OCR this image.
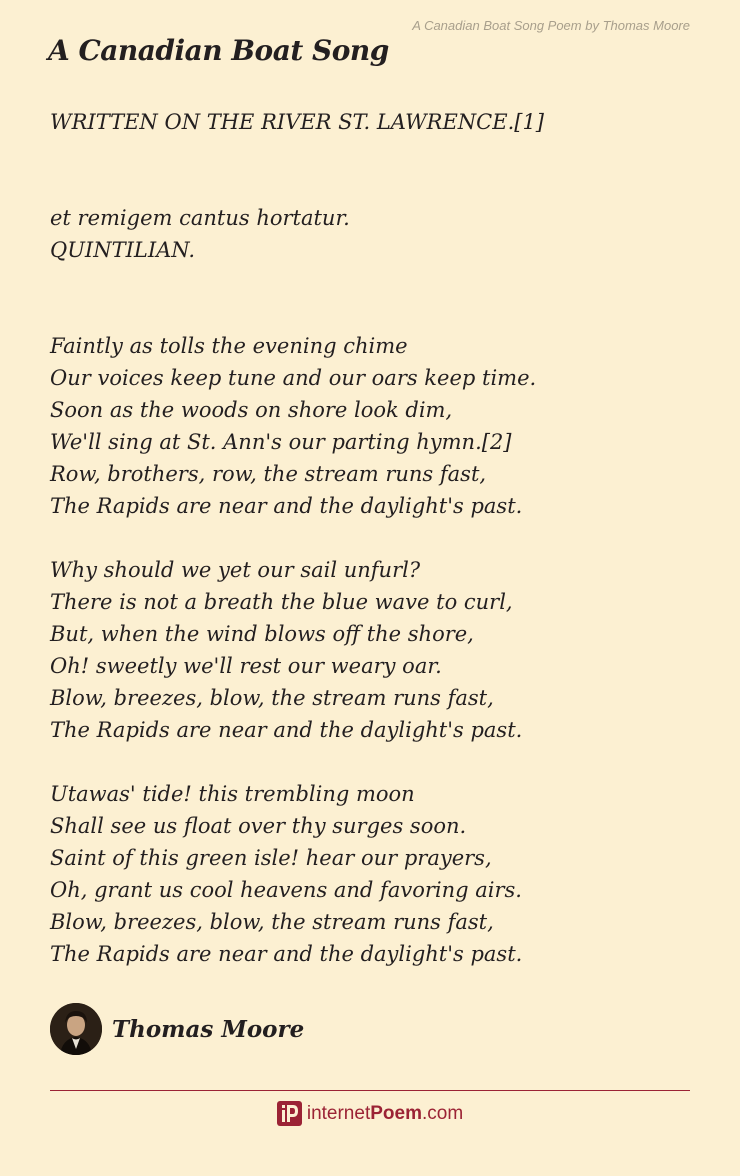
A Canadian Boat Song Poem by Thomas Moore
A Canadian Boat Song
WRITTEN ON THE RIVER ST. LAWRENCE.[1]
et remigem cantus hortatur.
QUINTILIAN.
Faintly as tolls the evening chime
Our voices keep tune and our oars keep time.
Soon as the woods on shore look dim,
We'll sing at St. Ann's our parting hymn.[2]
Row, brothers, row, the stream runs fast,
The Rapids are near and the daylight's past.
Why should we yet our sail unfurl?
There is not a breath the blue wave to curl,
But, when the wind blows off the shore,
Oh! sweetly we'll rest our weary oar.
Blow, breezes, blow, the stream runs fast,
The Rapids are near and the daylight's past.
Utawas' tide! this trembling moon
Shall see us float over thy surges soon.
Saint of this green isle! hear our prayers,
Oh, grant us cool heavens and favoring airs.
Blow, breezes, blow, the stream runs fast,
The Rapids are near and the daylight's past.
Thomas Moore
internet Poem .com
